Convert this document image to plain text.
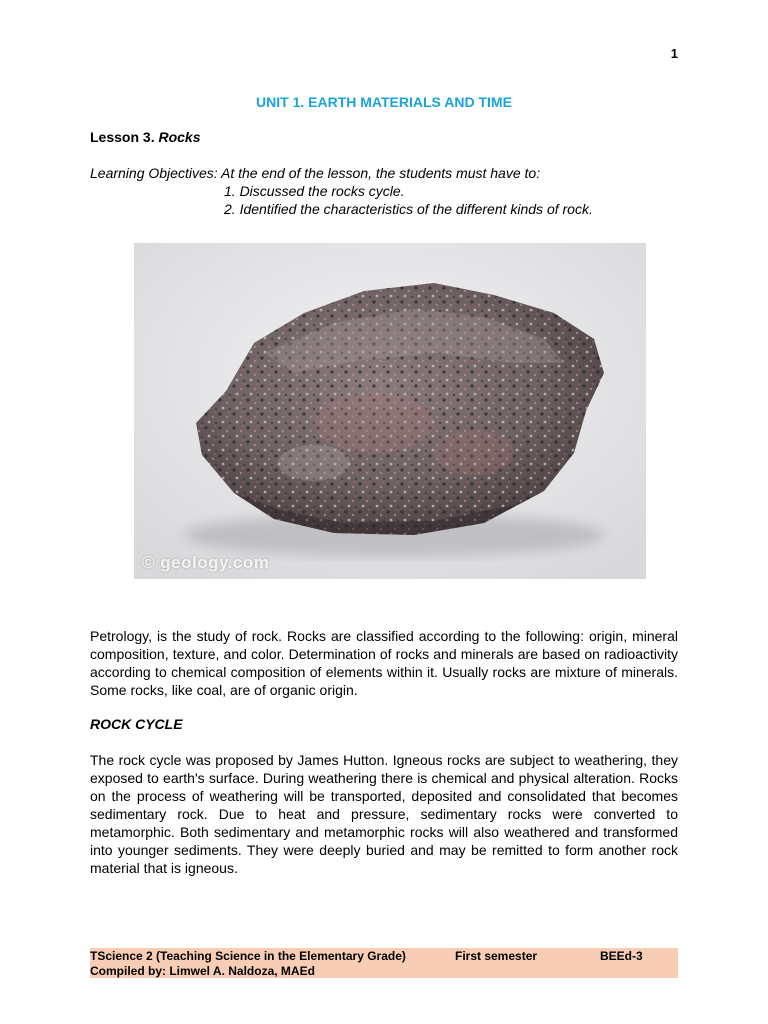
1
UNIT 1. EARTH MATERIALS AND TIME
Lesson 3. Rocks
Learning Objectives: At the end of the lesson, the students must have to:
1. Discussed the rocks cycle.
2. Identified the characteristics of the different kinds of rock.
© geology.com
Petrology, is the study of rock. Rocks are classified according to the following: origin, mineral composition, texture, and color. Determination of rocks and minerals are based on radioactivity according to chemical composition of elements within it. Usually rocks are mixture of minerals. Some rocks, like coal, are of organic origin.
ROCK CYCLE
The rock cycle was proposed by James Hutton. Igneous rocks are subject to weathering, they exposed to earth's surface. During weathering there is chemical and physical alteration. Rocks on the process of weathering will be transported, deposited and consolidated that becomes sedimentary rock. Due to heat and pressure, sedimentary rocks were converted to metamorphic. Both sedimentary and metamorphic rocks will also weathered and transformed into younger sediments. They were deeply buried and may be remitted to form another rock material that is igneous.
TScience 2 (Teaching Science in the Elementary Grade)	First semester	BEEd-3
Compiled by: Limwel A. Naldoza, MAEd
